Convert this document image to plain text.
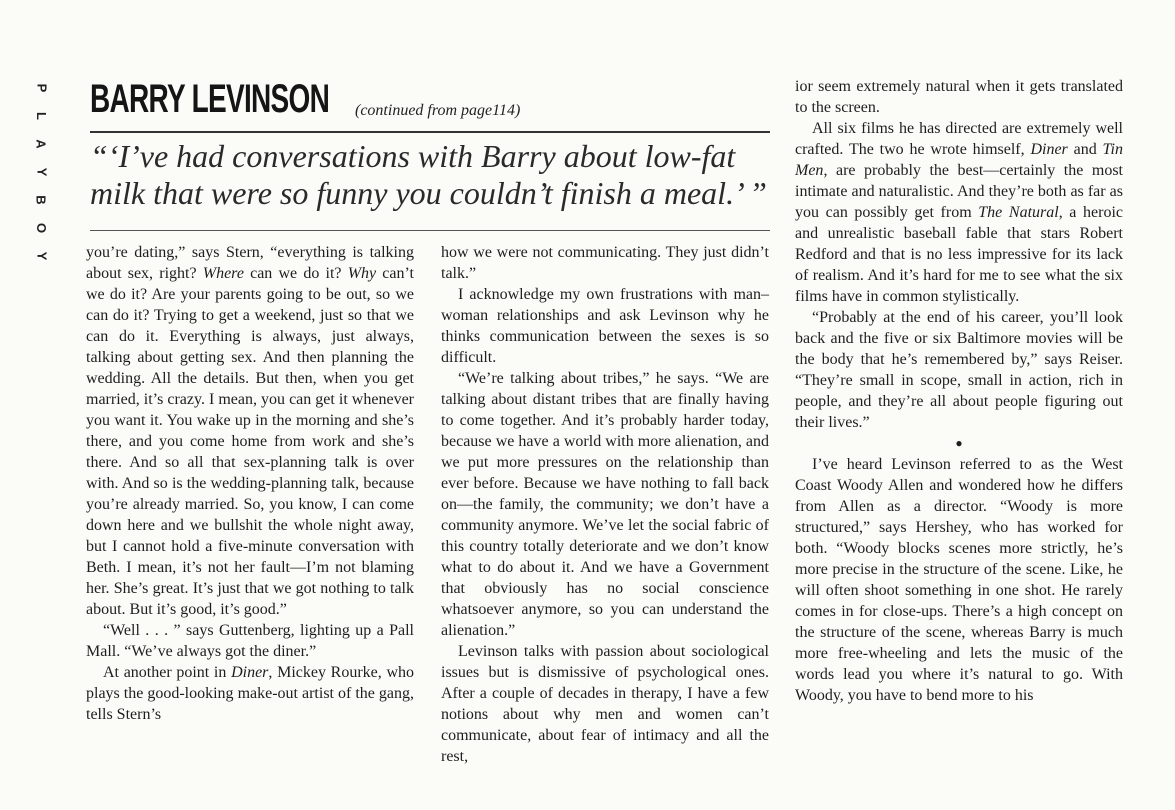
P
L
A
Y
B
O
Y
BARRY LEVINSON (continued from page114)

“‘I’ve had conversations with Barry about low-fat milk that were so funny you couldn’t finish a meal.’ ”

you’re dating,” says Stern, “everything is talking about sex, right? Where can we do it? Why can’t we do it? Are your parents going to be out, so we can do it? Trying to get a weekend, just so that we can do it. Everything is always, just always, talking about getting sex. And then planning the wedding. All the details. But then, when you get married, it’s crazy. I mean, you can get it whenever you want it. You wake up in the morning and she’s there, and you come home from work and she’s there. And so all that sex-planning talk is over with. And so is the wedding-planning talk, because you’re already married. So, you know, I can come down here and we bullshit the whole night away, but I cannot hold a five-minute conversation with Beth. I mean, it’s not her fault—I’m not blaming her. She’s great. It’s just that we got nothing to talk about. But it’s good, it’s good.”

“Well . . . ” says Guttenberg, lighting up a Pall Mall. “We’ve always got the diner.”

At another point in Diner, Mickey Rourke, who plays the good-looking make-out artist of the gang, tells Stern’s

how we were not communicating. They just didn’t talk.”

I acknowledge my own frustrations with man–woman relationships and ask Levinson why he thinks communication between the sexes is so difficult.

“We’re talking about tribes,” he says. “We are talking about distant tribes that are finally having to come together. And it’s probably harder today, because we have a world with more alienation, and we put more pressures on the relationship than ever before. Because we have nothing to fall back on—the family, the community; we don’t have a community anymore. We’ve let the social fabric of this country totally deteriorate and we don’t know what to do about it. And we have a Government that obviously has no social conscience whatsoever anymore, so you can understand the alienation.”

Levinson talks with passion about sociological issues but is dismissive of psychological ones. After a couple of decades in therapy, I have a few notions about why men and women can’t communicate, about fear of intimacy and all the rest,

ior seem extremely natural when it gets translated to the screen.

All six films he has directed are extremely well crafted. The two he wrote himself, Diner and Tin Men, are probably the best—certainly the most intimate and naturalistic. And they’re both as far as you can possibly get from The Natural, a heroic and unrealistic baseball fable that stars Robert Redford and that is no less impressive for its lack of realism. And it’s hard for me to see what the six films have in common stylistically.

“Probably at the end of his career, you’ll look back and the five or six Baltimore movies will be the body that he’s remembered by,” says Reiser. “They’re small in scope, small in action, rich in people, and they’re all about people figuring out their lives.”

●

I’ve heard Levinson referred to as the West Coast Woody Allen and wondered how he differs from Allen as a director. “Woody is more structured,” says Hershey, who has worked for both. “Woody blocks scenes more strictly, he’s more precise in the structure of the scene. Like, he will often shoot something in one shot. He rarely comes in for close-ups. There’s a high concept on the structure of the scene, whereas Barry is much more free-wheeling and lets the music of the words lead you where it’s natural to go. With Woody, you have to bend more to his
